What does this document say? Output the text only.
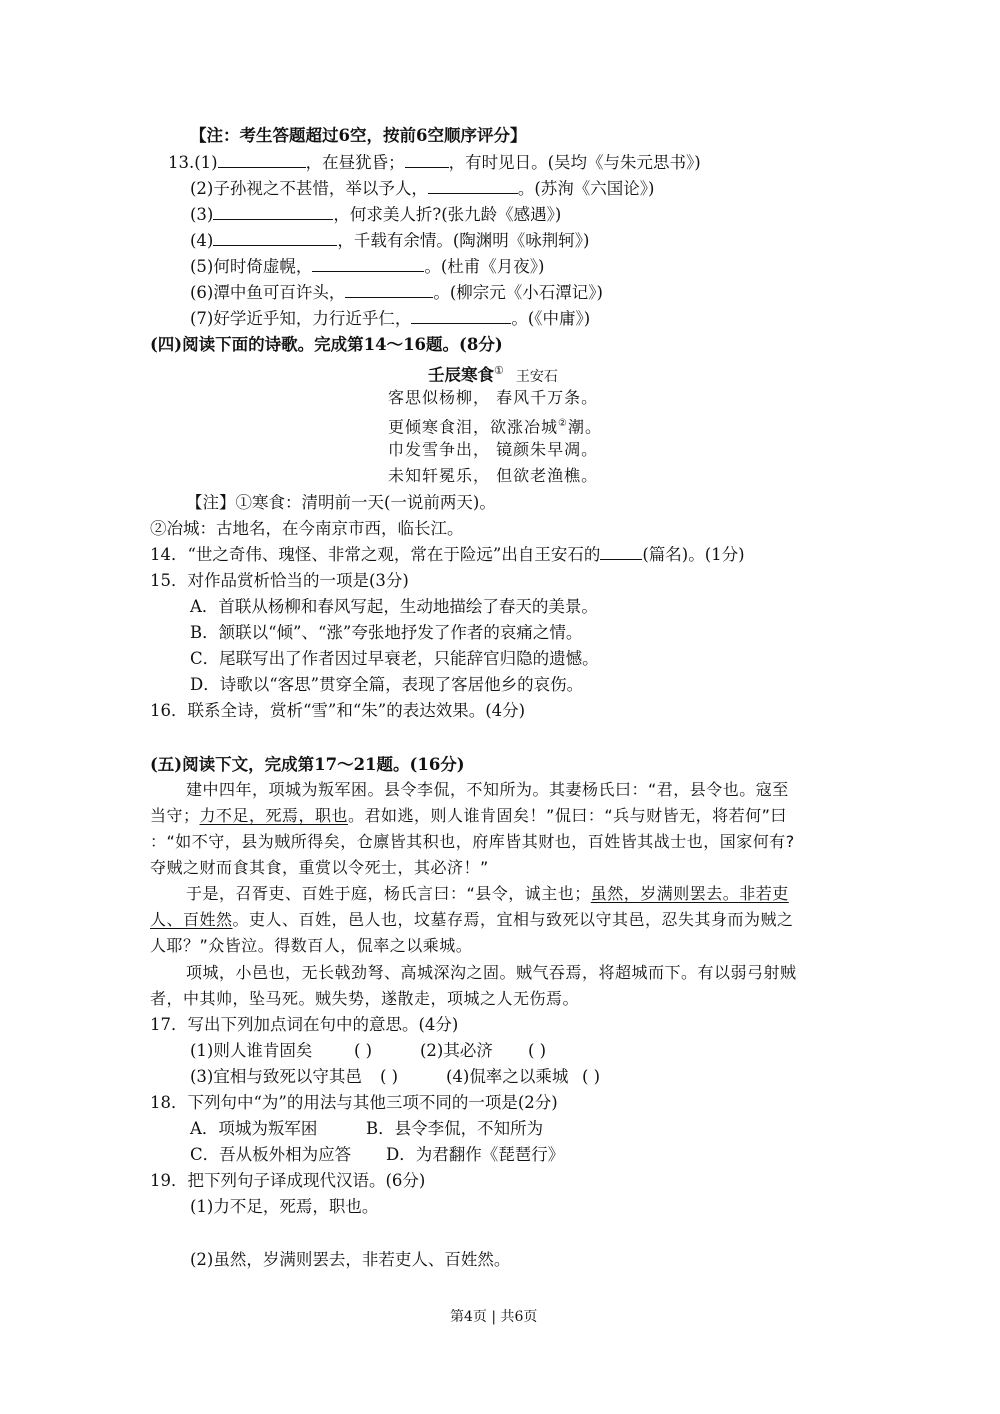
【注：考生答题超过6空，按前6空顺序评分】
13.(1)	，在昼犹昏；	，有时见日。(吴均《与朱元思书》)
(2)子孙视之不甚惜，举以予人，	。(苏洵《六国论》)
(3)	，何求美人折?(张九龄《感遇》)
(4)	，千载有余情。(陶渊明《咏荆轲》)
(5)何时倚虚幌，	。(杜甫《月夜》)
(6)潭中鱼可百许头，	。(柳宗元《小石潭记》)
(7)好学近乎知，力行近乎仁，	。(《中庸》)
(四)阅读下面的诗歌。完成第14～16题。(8分)
壬辰寒食① 王安石
客思似杨柳， 春风千万条。
更倾寒食泪，欲涨冶城②潮。
巾发雪争出， 镜颜朱早凋。
未知轩冕乐， 但欲老渔樵。
【注】①寒食：清明前一天(一说前两天)。
②冶城：古地名，在今南京市西，临长江。
14．“世之奇伟、瑰怪、非常之观，常在于险远”出自王安石的	(篇名)。(1分)
15．对作品赏析恰当的一项是(3分)
A．首联从杨柳和春风写起，生动地描绘了春天的美景。
B．颔联以“倾”、“涨”夸张地抒发了作者的哀痛之情。
C．尾联写出了作者因过早衰老，只能辞官归隐的遗憾。
D．诗歌以“客思”贯穿全篇，表现了客居他乡的哀伤。
16．联系全诗，赏析“雪”和“朱”的表达效果。(4分)
(五)阅读下文，完成第17～21题。(16分)
建中四年，项城为叛军困。县令李侃，不知所为。其妻杨氏曰：“君，县令也。寇至
当守；力不足，死焉，职也。君如逃，则人谁肯固矣！”侃曰：“兵与财皆无，将若何”曰
：“如不守，县为贼所得矣，仓廪皆其积也，府库皆其财也，百姓皆其战士也，国家何有?
夺贼之财而食其食，重赏以令死士，其必济！”
于是，召胥吏、百姓于庭，杨氏言曰：“县令，诚主也；虽然，岁满则罢去。非若吏
人、百姓然。吏人、百姓，邑人也，坟墓存焉，宜相与致死以守其邑，忍失其身而为贼之
人耶？”众皆泣。得数百人，侃率之以乘城。
项城，小邑也，无长戟劲弩、高城深沟之固。贼气吞焉，将超城而下。有以弱弓射贼
者，中其帅，坠马死。贼失势，遂散走，项城之人无伤焉。
17．写出下列加点词在句中的意思。(4分)
(1)则人谁肯固矣	( )	(2)其必济 ( )
(3)宜相与致死以守其邑 ( )	(4)侃率之以乘城 ( )
18．下列句中“为”的用法与其他三项不同的一项是(2分)
A．项城为叛军困	B．县令李侃，不知所为
C．吾从板外相为应答 D．为君翻作《琵琶行》
19．把下列句子译成现代汉语。(6分)
(1)力不足，死焉，职也。
(2)虽然，岁满则罢去，非若吏人、百姓然。
第4页 | 共6页
